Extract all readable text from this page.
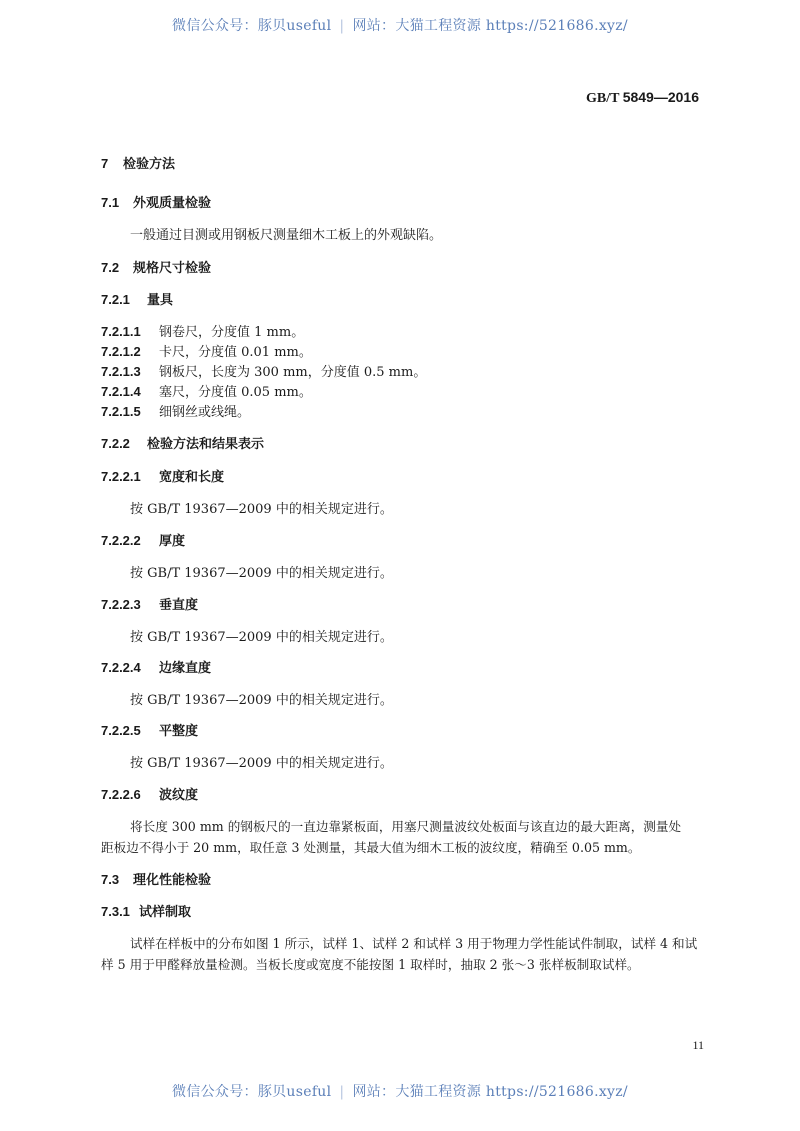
微信公众号：豚贝useful | 网站：大猫工程资源 https://521686.xyz/
GB/T 5849—2016
7 检验方法
7.1 外观质量检验
一般通过目测或用钢板尺测量细木工板上的外观缺陷。
7.2 规格尺寸检验
7.2.1 量具
7.2.1.1 钢卷尺，分度值 1 mm。
7.2.1.2 卡尺，分度值 0.01 mm。
7.2.1.3 钢板尺，长度为 300 mm，分度值 0.5 mm。
7.2.1.4 塞尺，分度值 0.05 mm。
7.2.1.5 细钢丝或线绳。
7.2.2 检验方法和结果表示
7.2.2.1 宽度和长度
按 GB/T 19367—2009 中的相关规定进行。
7.2.2.2 厚度
按 GB/T 19367—2009 中的相关规定进行。
7.2.2.3 垂直度
按 GB/T 19367—2009 中的相关规定进行。
7.2.2.4 边缘直度
按 GB/T 19367—2009 中的相关规定进行。
7.2.2.5 平整度
按 GB/T 19367—2009 中的相关规定进行。
7.2.2.6 波纹度
将长度 300 mm 的钢板尺的一直边靠紧板面，用塞尺测量波纹处板面与该直边的最大距离，测量处
距板边不得小于 20 mm，取任意 3 处测量，其最大值为细木工板的波纹度，精确至 0.05 mm。
7.3 理化性能检验
7.3.1 试样制取
试样在样板中的分布如图 1 所示，试样 1、试样 2 和试样 3 用于物理力学性能试件制取，试样 4 和试
样 5 用于甲醛释放量检测。当板长度或宽度不能按图 1 取样时，抽取 2 张～3 张样板制取试样。
11
微信公众号：豚贝useful | 网站：大猫工程资源 https://521686.xyz/
